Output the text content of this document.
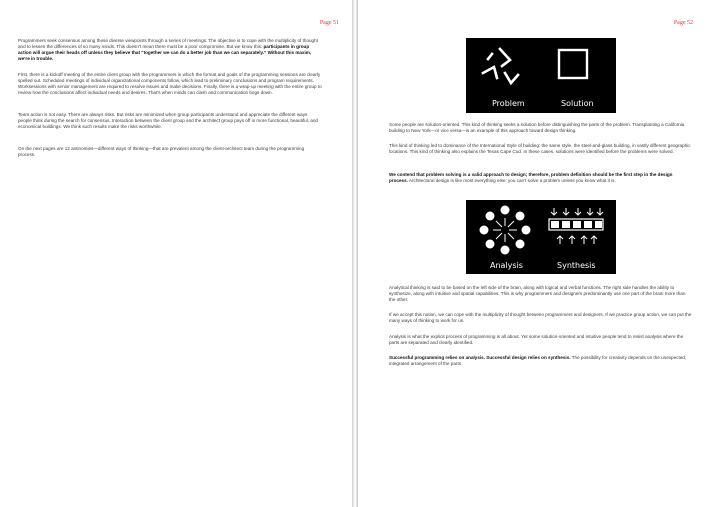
Page 51

Programmers seek consensus among these diverse viewpoints through a series of meetings. The objective is to cope with the multiplicity of thought and to lessen the differences of so many minds. This doesn’t mean there must be a poor compromise. But we know this: participants in group action will argue their heads off unless they believe that “together we can do a better job than we can separately.” Without this maxim, we’re in trouble.

First, there is a kickoff meeting of the entire client group with the programmers in which the format and goals of the programming sessions are clearly spelled out. Scheduled meetings of individual organizational components follow, which lead to preliminary conclusions and program requirements. Worksessions with senior management are required to resolve issues and make decisions. Finally, there is a wrap-up meeting with the entire group to review how the conclusions affect individual needs and desires. That’s when minds can clash and communication bogs down.

Team action is not easy. There are always risks. But risks are minimized when group participants understand and appreciate the different ways people think during the search for consensus. Interaction between the client group and the architect group pays off in more functional, beautiful, and economical buildings. We think such results make the risks worthwhile.

On the next pages are 12 antinomies—different ways of thinking—that are prevalent among the client-architect team during the programming process.

Page 52
Problem	Solution

Some people are solution-oriented. This kind of thinking seeks a solution before distinguishing the parts of the problem. Transplanting a California building to New York—or vice versa—is an example of this approach toward design thinking.

This kind of thinking led to dominance of the International Style of building: the same style, the steel-and-glass building, in vastly different geographic locations. This kind of thinking also explains the Texas Cape Cod. In these cases, solutions were identified before the problems were solved.

We contend that problem solving is a valid approach to design; therefore, problem definition should be the first step in the design process. Architectural design is like most everything else: you can’t solve a problem unless you know what it is.

Analysis	Synthesis

Analytical thinking is said to be based on the left side of the brain, along with logical and verbal functions. The right side handles the ability to synthesize, along with intuitive and spatial capabilities. This is why programmers and designers predominantly use one part of the brain more than the other.

If we accept this notion, we can cope with the multiplicity of thought between programmers and designers. If we practice group action, we can put the many ways of thinking to work for us.

Analysis is what the explicit process of programming is all about. Yet some solution-oriented and intuitive people tend to resist analysis where the parts are separated and clearly identified.

Successful programming relies on analysis. Successful design relies on synthesis. The possibility for creativity depends on the unexpected, integrated arrangement of the parts.
